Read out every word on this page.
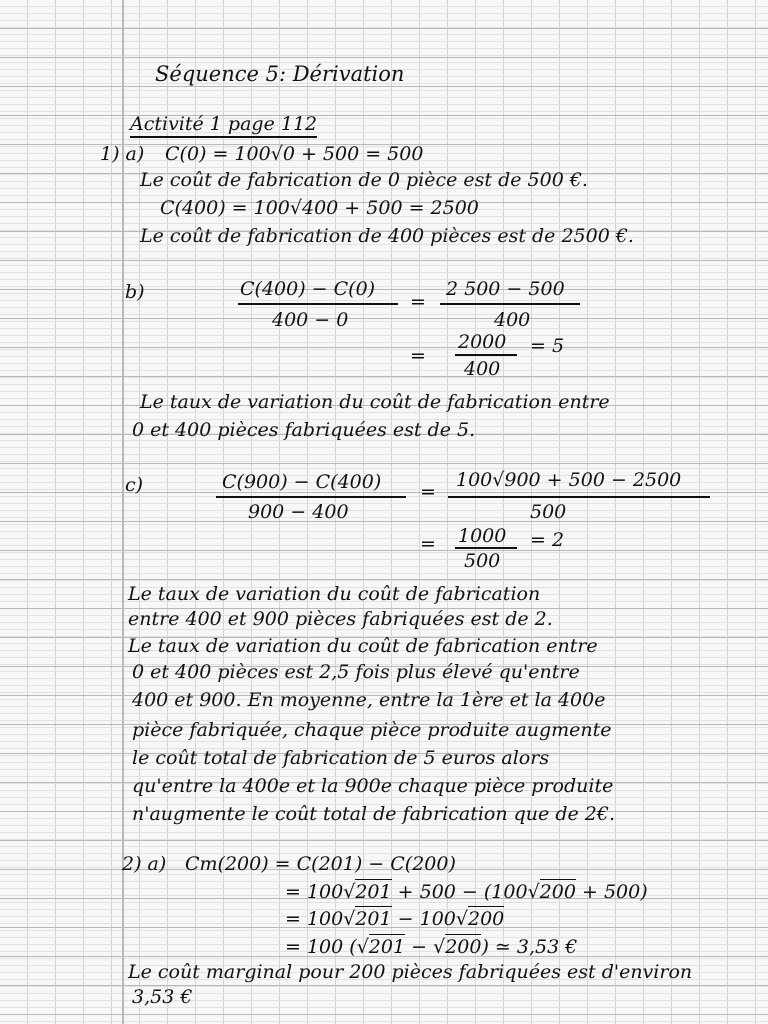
Séquence 5: Dérivation
Activité 1 page 112
1) a) C(0) = 100√0 + 500 = 500
Le coût de fabrication de 0 pièce est de 500 €.
C(400) = 100√400 + 500 = 2500
Le coût de fabrication de 400 pièces est de 2500 €.
b)	C(400) − C(0)
400 − 0
=
2 500 − 500
400
=
2000
400
= 5
Le taux de variation du coût de fabrication entre
0 et 400 pièces fabriquées est de 5.
c)	C(900) − C(400)
900 − 400
=
100√900 + 500 − 2500
500
= 1000
500
= 2
Le taux de variation du coût de fabrication
entre 400 et 900 pièces fabriquées est de 2.
Le taux de variation du coût de fabrication entre
0 et 400 pièces est 2,5 fois plus élevé qu'entre
400 et 900. En moyenne, entre la 1ère et la 400e
pièce fabriquée, chaque pièce produite augmente
le coût total de fabrication de 5 euros alors
qu'entre la 400e et la 900e chaque pièce produite
n'augmente le coût total de fabrication que de 2€.
2) a) Cm(200) = C(201) − C(200)
= 100√201 + 500 − (100√200 + 500)
= 100√201 − 100√200
= 100 (√201 − √200) ≃ 3,53 €
Le coût marginal pour 200 pièces fabriquées est d'environ
3,53 €
